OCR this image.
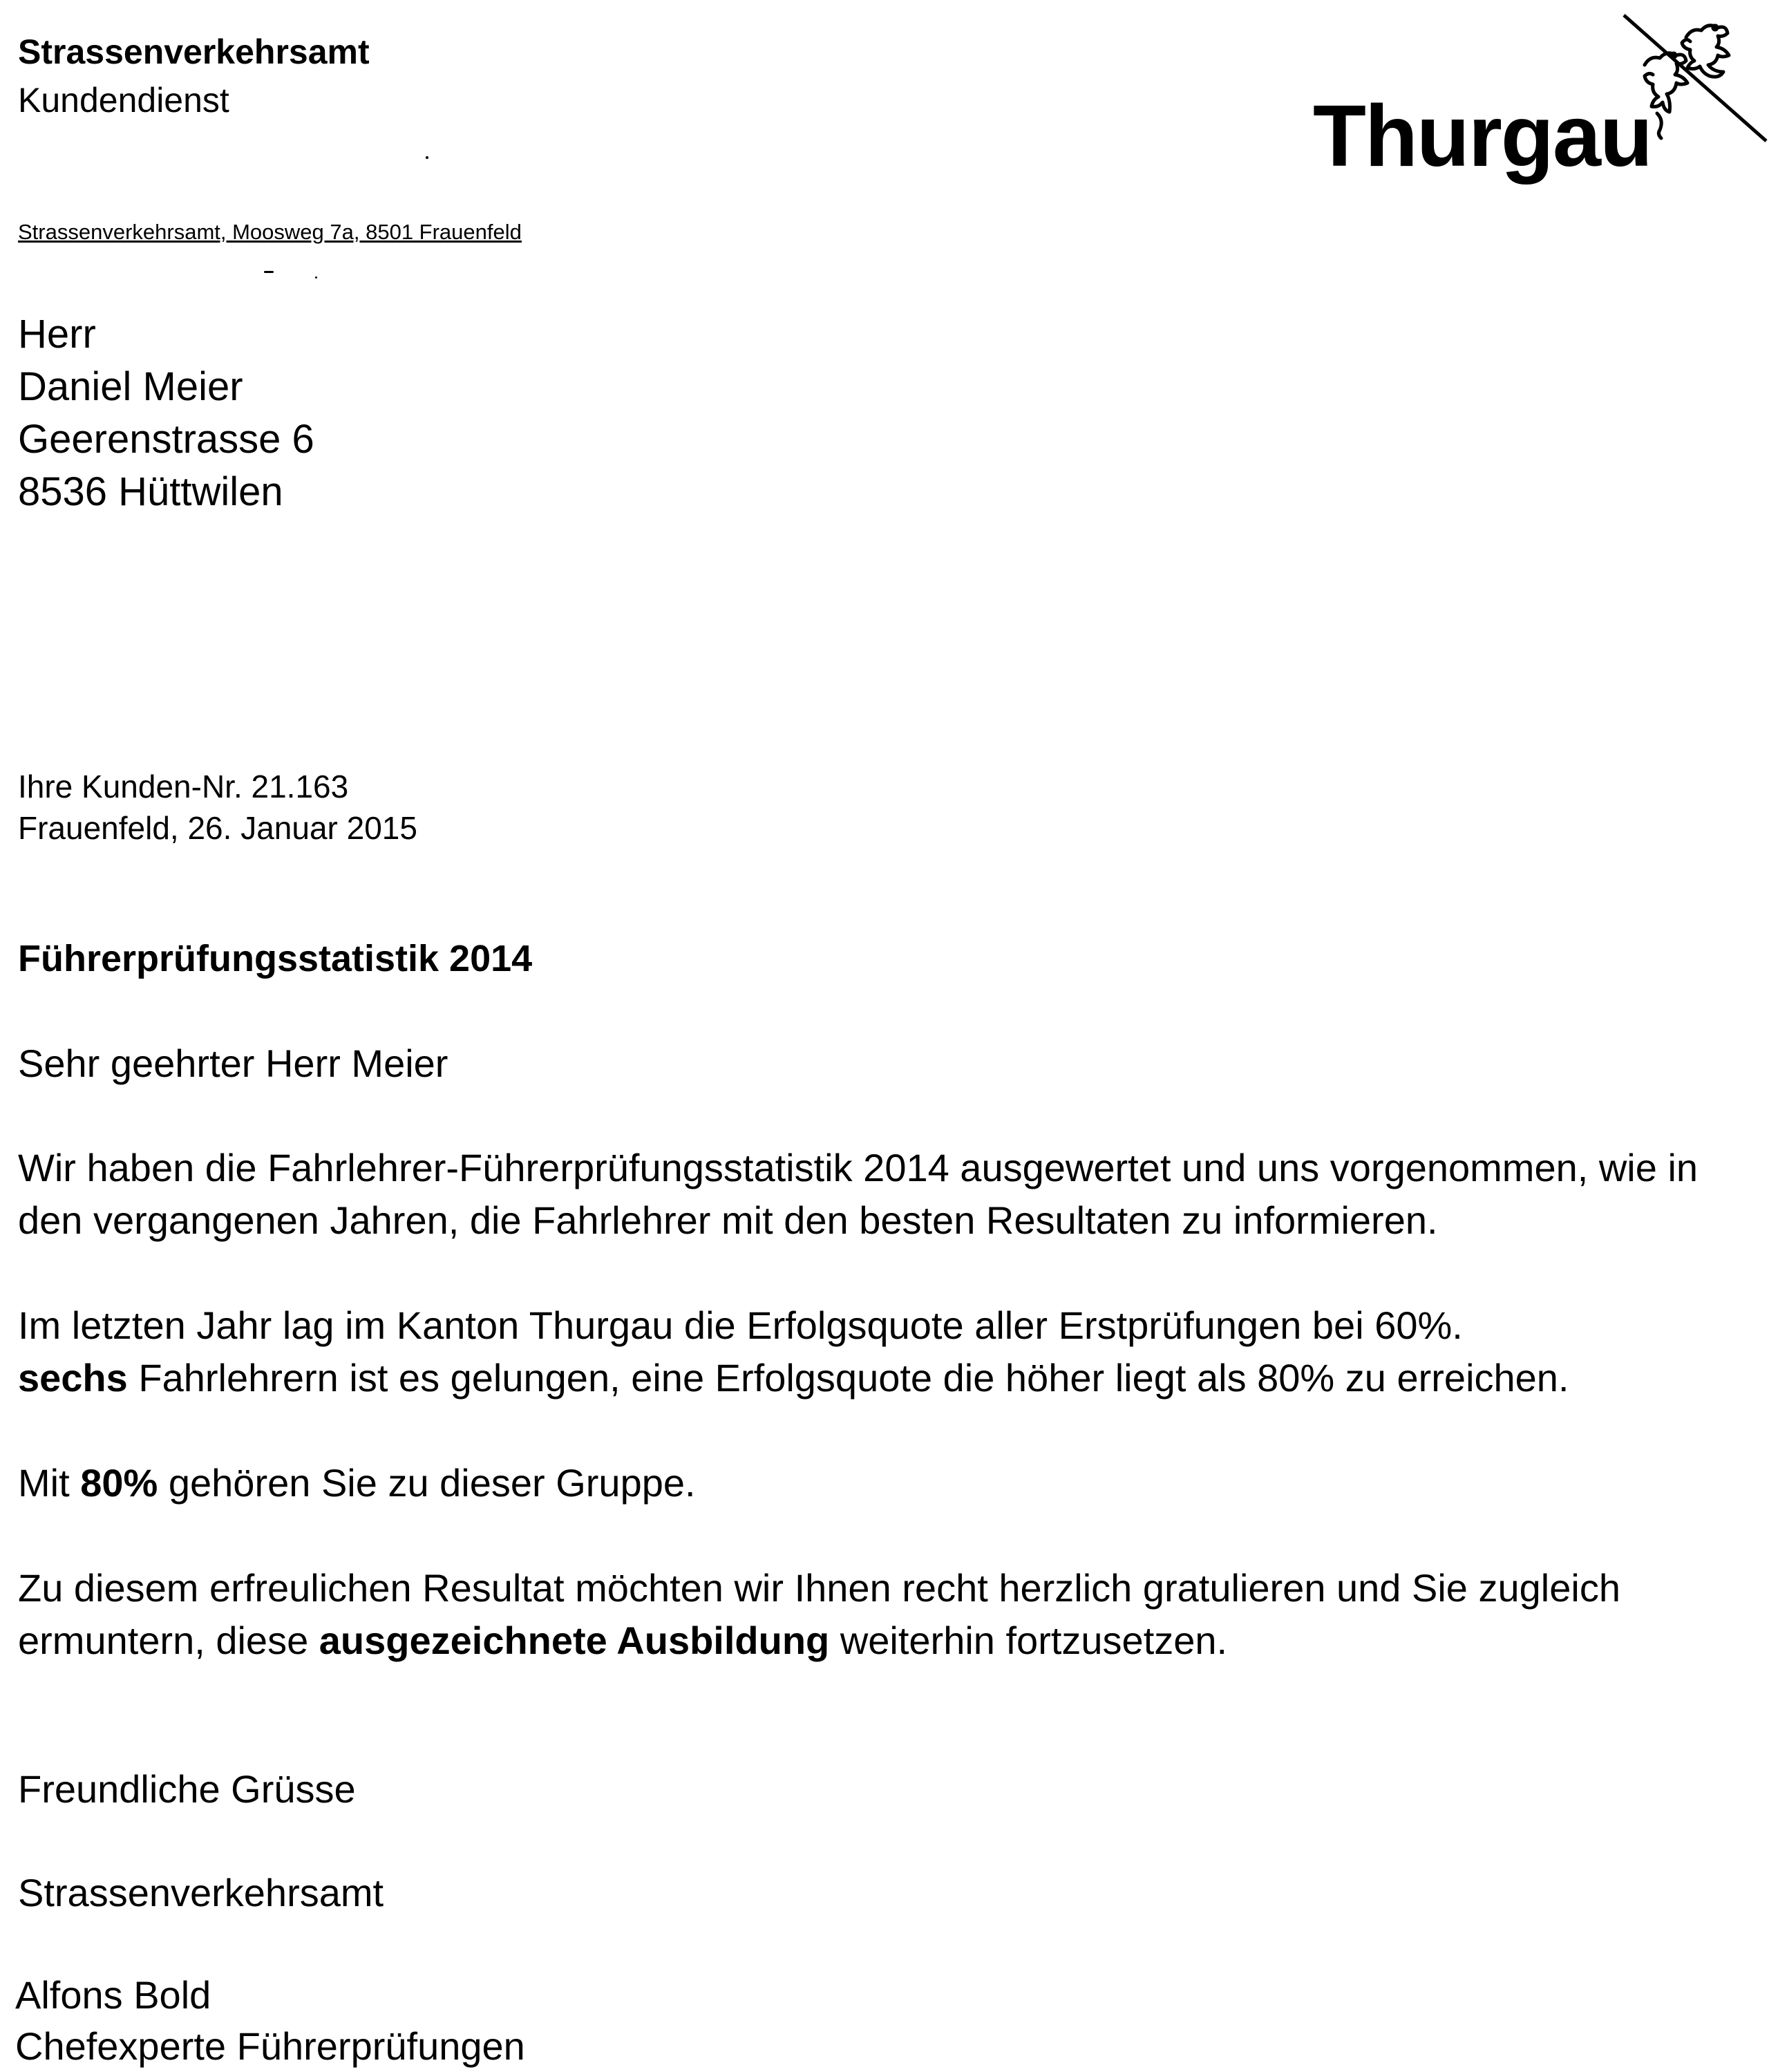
Strassenverkehrsamt
Kundendienst	Thurgau
Strassenverkehrsamt, Moosweg 7a, 8501 Frauenfeld
Herr
Daniel Meier
Geerenstrasse 6
8536 Hüttwilen
Ihre Kunden-Nr. 21.163
Frauenfeld, 26. Januar 2015
Führerprüfungsstatistik 2014
Sehr geehrter Herr Meier
Wir haben die Fahrlehrer-Führerprüfungsstatistik 2014 ausgewertet und uns vorgenommen, wie in den vergangenen Jahren, die Fahrlehrer mit den besten Resultaten zu informieren.
Im letzten Jahr lag im Kanton Thurgau die Erfolgsquote aller Erstprüfungen bei 60%.
sechs Fahrlehrern ist es gelungen, eine Erfolgsquote die höher liegt als 80% zu erreichen.
Mit 80% gehören Sie zu dieser Gruppe.
Zu diesem erfreulichen Resultat möchten wir Ihnen recht herzlich gratulieren und Sie zugleich ermuntern, diese ausgezeichnete Ausbildung weiterhin fortzusetzen.
Freundliche Grüsse
Strassenverkehrsamt
Alfons Bold
Chefexperte Führerprüfungen
